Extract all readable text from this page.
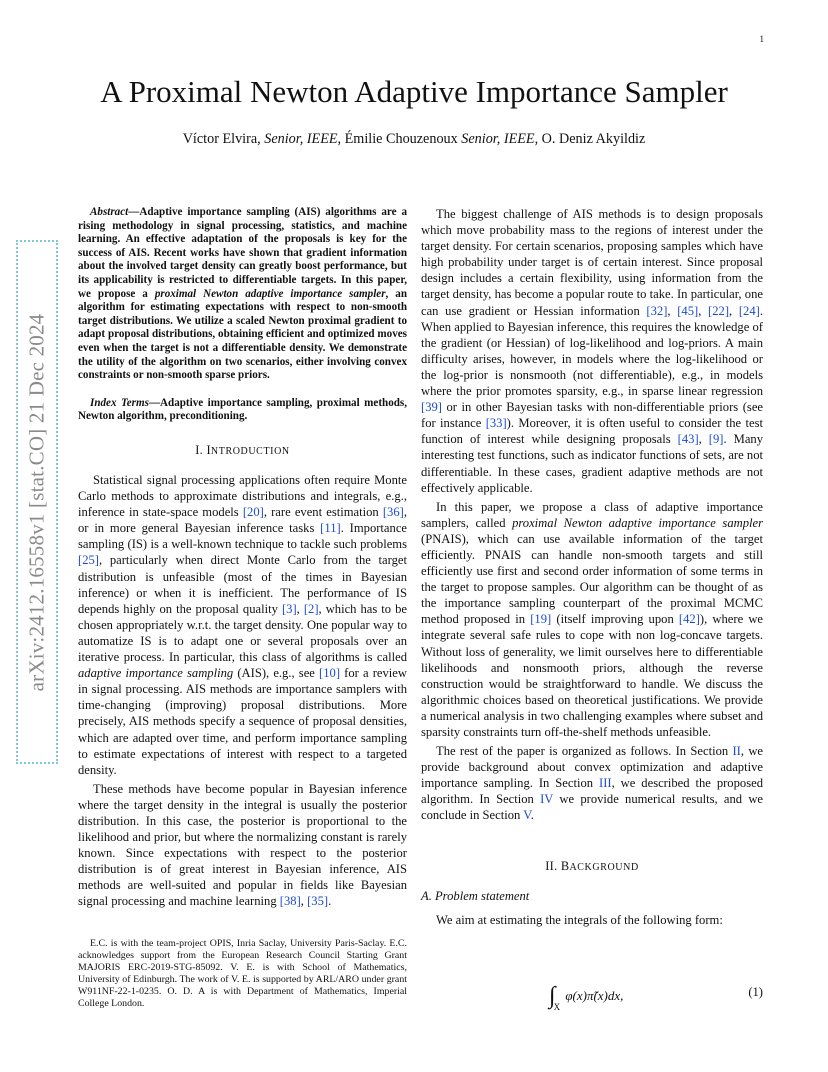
1
arXiv:2412.16558v1 [stat.CO] 21 Dec 2024
A Proximal Newton Adaptive Importance Sampler
Víctor Elvira, Senior, IEEE, Émilie Chouzenoux Senior, IEEE, O. Deniz Akyildiz

Abstract—Adaptive importance sampling (AIS) algorithms are a rising methodology in signal processing, statistics, and machine learning. An effective adaptation of the proposals is key for the success of AIS. Recent works have shown that gradient information about the involved target density can greatly boost performance, but its applicability is restricted to differentiable targets. In this paper, we propose a proximal Newton adaptive importance sampler, an algorithm for estimating expectations with respect to non-smooth target distributions. We utilize a scaled Newton proximal gradient to adapt proposal distributions, obtaining efficient and optimized moves even when the target is not a differentiable density. We demonstrate the utility of the algorithm on two scenarios, either involving convex constraints or non-smooth sparse priors.

Index Terms—Adaptive importance sampling, proximal methods, Newton algorithm, preconditioning.

I. INTRODUCTION

Statistical signal processing applications often require Monte Carlo methods to approximate distributions and integrals, e.g., inference in state-space models [20], rare event estimation [36], or in more general Bayesian inference tasks [11]. Importance sampling (IS) is a well-known technique to tackle such problems [25], particularly when direct Monte Carlo from the target distribution is unfeasible (most of the times in Bayesian inference) or when it is inefficient. The performance of IS depends highly on the proposal quality [3], [2], which has to be chosen appropriately w.r.t. the target density. One popular way to automatize IS is to adapt one or several proposals over an iterative process. In particular, this class of algorithms is called adaptive importance sampling (AIS), e.g., see [10] for a review in signal processing. AIS methods are importance samplers with time-changing (improving) proposal distributions. More precisely, AIS methods specify a sequence of proposal densities, which are adapted over time, and perform importance sampling to estimate expectations of interest with respect to a targeted density.

These methods have become popular in Bayesian inference where the target density in the integral is usually the posterior distribution. In this case, the posterior is proportional to the likelihood and prior, but where the normalizing constant is rarely known. Since expectations with respect to the posterior distribution is of great interest in Bayesian inference, AIS methods are well-suited and popular in fields like Bayesian signal processing and machine learning [38], [35].

E.C. is with the team-project OPIS, Inria Saclay, University Paris-Saclay. E.C. acknowledges support from the European Research Council Starting Grant MAJORIS ERC-2019-STG-85092. V. E. is with School of Mathematics, University of Edinburgh. The work of V. E. is supported by ARL/ARO under grant W911NF-22-1-0235. O. D. A is with Department of Mathematics, Imperial College London.

The biggest challenge of AIS methods is to design proposals which move probability mass to the regions of interest under the target density. For certain scenarios, proposing samples which have high probability under target is of certain interest. Since proposal design includes a certain flexibility, using information from the target density, has become a popular route to take. In particular, one can use gradient or Hessian information [32], [45], [22], [24]. When applied to Bayesian inference, this requires the knowledge of the gradient (or Hessian) of log-likelihood and log-priors. A main difficulty arises, however, in models where the log-likelihood or the log-prior is nonsmooth (not differentiable), e.g., in models where the prior promotes sparsity, e.g., in sparse linear regression [39] or in other Bayesian tasks with non-differentiable priors (see for instance [33]). Moreover, it is often useful to consider the test function of interest while designing proposals [43], [9]. Many interesting test functions, such as indicator functions of sets, are not differentiable. In these cases, gradient adaptive methods are not effectively applicable.

In this paper, we propose a class of adaptive importance samplers, called proximal Newton adaptive importance sampler (PNAIS), which can use available information of the target efficiently. PNAIS can handle non-smooth targets and still efficiently use first and second order information of some terms in the target to propose samples. Our algorithm can be thought of as the importance sampling counterpart of the proximal MCMC method proposed in [19] (itself improving upon [42]), where we integrate several safe rules to cope with non log-concave targets. Without loss of generality, we limit ourselves here to differentiable likelihoods and nonsmooth priors, although the reverse construction would be straightforward to handle. We discuss the algorithmic choices based on theoretical justifications. We provide a numerical analysis in two challenging examples where subset and sparsity constraints turn off-the-shelf methods unfeasible.

The rest of the paper is organized as follows. In Section II, we provide background about convex optimization and adaptive importance sampling. In Section III, we described the proposed algorithm. In Section IV we provide numerical results, and we conclude in Section V.

II. BACKGROUND
A. Problem statement

We aim at estimating the integrals of the following form:

$\int_X$ φ(x)π̃(x)dx,	(1)
